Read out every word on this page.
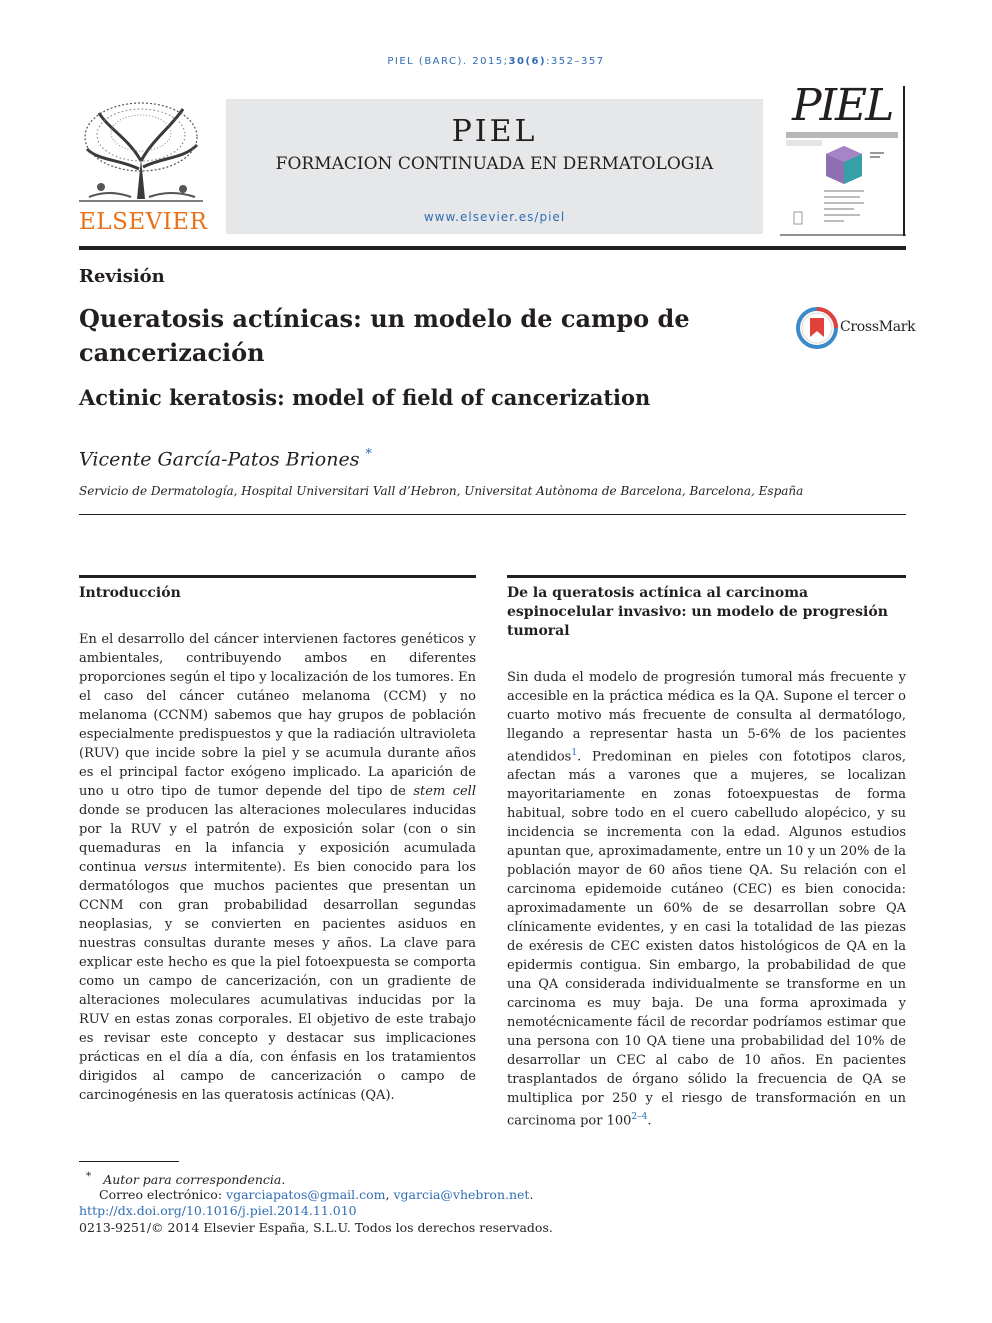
PIEL (BARC). 2015;30(6):352–357
ELSEVIER
PIEL
FORMACION CONTINUADA EN DERMATOLOGIA
www.elsevier.es/piel
PIEL
Revisión
Queratosis actínicas: un modelo de campo de cancerización
Actinic keratosis: model of field of cancerization
CrossMark
Vicente García-Patos Briones *
Servicio de Dermatología, Hospital Universitari Vall d’Hebron, Universitat Autònoma de Barcelona, Barcelona, España
Introducción
En el desarrollo del cáncer intervienen factores genéticos y ambientales, contribuyendo ambos en diferentes proporciones según el tipo y localización de los tumores. En el caso del cáncer cutáneo melanoma (CCM) y no melanoma (CCNM) sabemos que hay grupos de población especialmente predispuestos y que la radiación ultravioleta (RUV) que incide sobre la piel y se acumula durante años es el principal factor exógeno implicado. La aparición de uno u otro tipo de tumor depende del tipo de stem cell donde se producen las alteraciones moleculares inducidas por la RUV y el patrón de exposición solar (con o sin quemaduras en la infancia y exposición acumulada continua versus intermitente). Es bien conocido para los dermatólogos que muchos pacientes que presentan un CCNM con gran probabilidad desarrollan segundas neoplasias, y se convierten en pacientes asiduos en nuestras consultas durante meses y años. La clave para explicar este hecho es que la piel fotoexpuesta se comporta como un campo de cancerización, con un gradiente de alteraciones moleculares acumulativas inducidas por la RUV en estas zonas corporales. El objetivo de este trabajo es revisar este concepto y destacar sus implicaciones prácticas en el día a día, con énfasis en los tratamientos dirigidos al campo de cancerización o campo de carcinogénesis en las queratosis actínicas (QA).
De la queratosis actínica al carcinoma espinocelular invasivo: un modelo de progresión tumoral
Sin duda el modelo de progresión tumoral más frecuente y accesible en la práctica médica es la QA. Supone el tercer o cuarto motivo más frecuente de consulta al dermatólogo, llegando a representar hasta un 5-6% de los pacientes atendidos$^1$. Predominan en pieles con fototipos claros, afectan más a varones que a mujeres, se localizan mayoritariamente en zonas fotoexpuestas de forma habitual, sobre todo en el cuero cabelludo alopécico, y su incidencia se incrementa con la edad. Algunos estudios apuntan que, aproximadamente, entre un 10 y un 20% de la población mayor de 60 años tiene QA. Su relación con el carcinoma epidemoide cutáneo (CEC) es bien conocida: aproximadamente un 60% de se desarrollan sobre QA clínicamente evidentes, y en casi la totalidad de las piezas de exéresis de CEC existen datos histológicos de QA en la epidermis contigua. Sin embargo, la probabilidad de que una QA considerada individualmente se transforme en un carcinoma es muy baja. De una forma aproximada y nemotécnicamente fácil de recordar podríamos estimar que una persona con 10 QA tiene una probabilidad del 10% de desarrollar un CEC al cabo de 10 años. En pacientes trasplantados de órgano sólido la frecuencia de QA se multiplica por 250 y el riesgo de transformación en un carcinoma por 100$^{2-4}$.
* Autor para correspondencia.
Correo electrónico: vgarciapatos@gmail.com, vgarcia@vhebron.net.
http://dx.doi.org/10.1016/j.piel.2014.11.010
0213-9251/© 2014 Elsevier España, S.L.U. Todos los derechos reservados.
